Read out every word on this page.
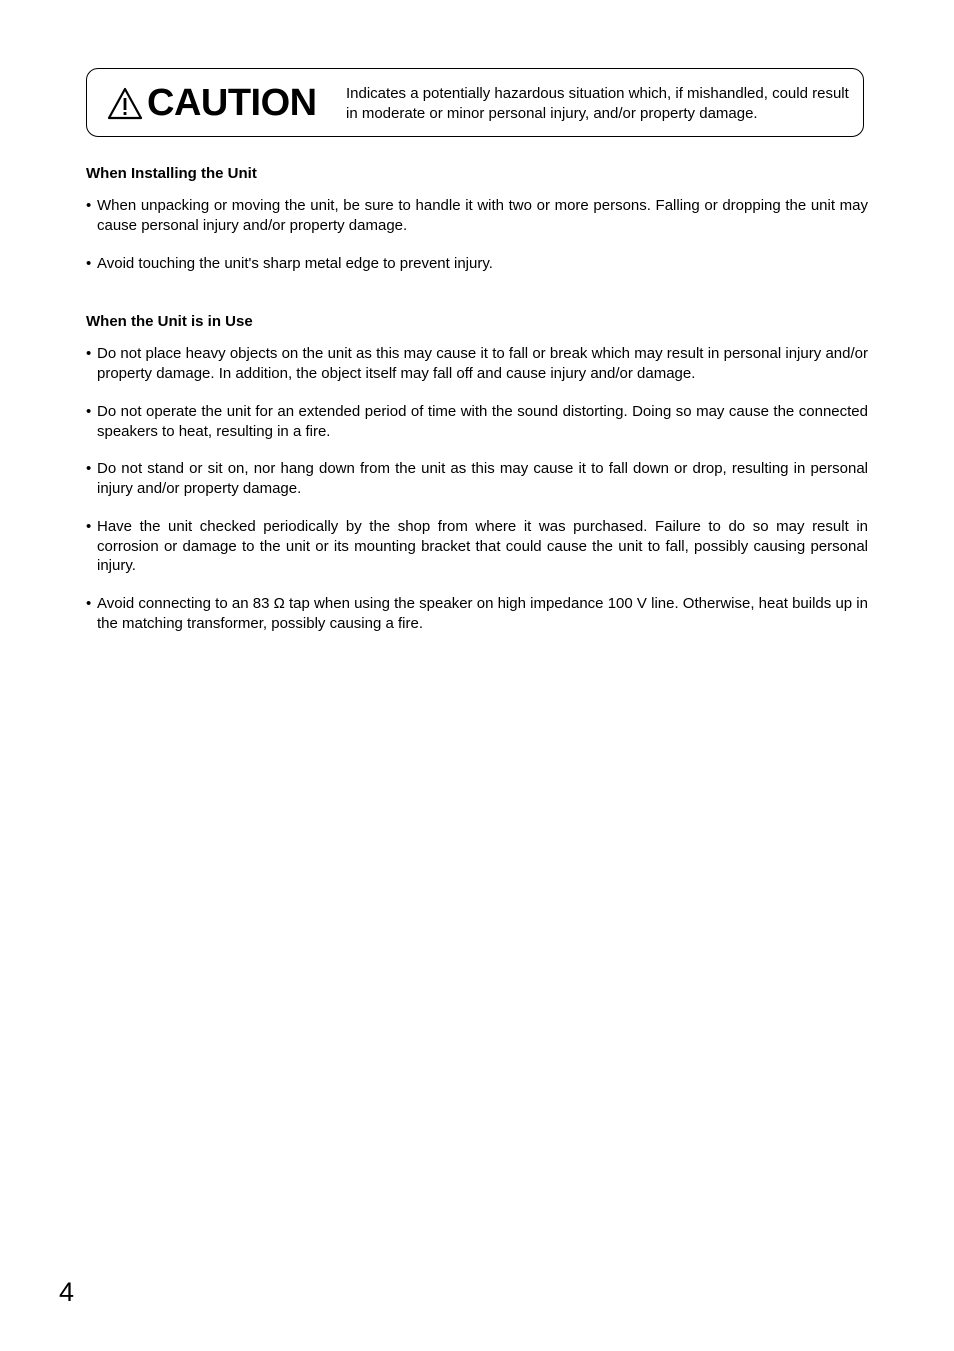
CAUTION Indicates a potentially hazardous situation which, if mishandled, could result in moderate or minor personal injury, and/or property damage.
When Installing the Unit
• When unpacking or moving the unit, be sure to handle it with two or more persons. Falling or dropping the unit may cause personal injury and/or property damage.
• Avoid touching the unit's sharp metal edge to prevent injury.
When the Unit is in Use
• Do not place heavy objects on the unit as this may cause it to fall or break which may result in personal injury and/or property damage. In addition, the object itself may fall off and cause injury and/or damage.
• Do not operate the unit for an extended period of time with the sound distorting. Doing so may cause the connected speakers to heat, resulting in a fire.
• Do not stand or sit on, nor hang down from the unit as this may cause it to fall down or drop, resulting in personal injury and/or property damage.
• Have the unit checked periodically by the shop from where it was purchased. Failure to do so may result in corrosion or damage to the unit or its mounting bracket that could cause the unit to fall, possibly causing personal injury.
• Avoid connecting to an 83 Ω tap when using the speaker on high impedance 100 V line. Otherwise, heat builds up in the matching transformer, possibly causing a fire.
4
